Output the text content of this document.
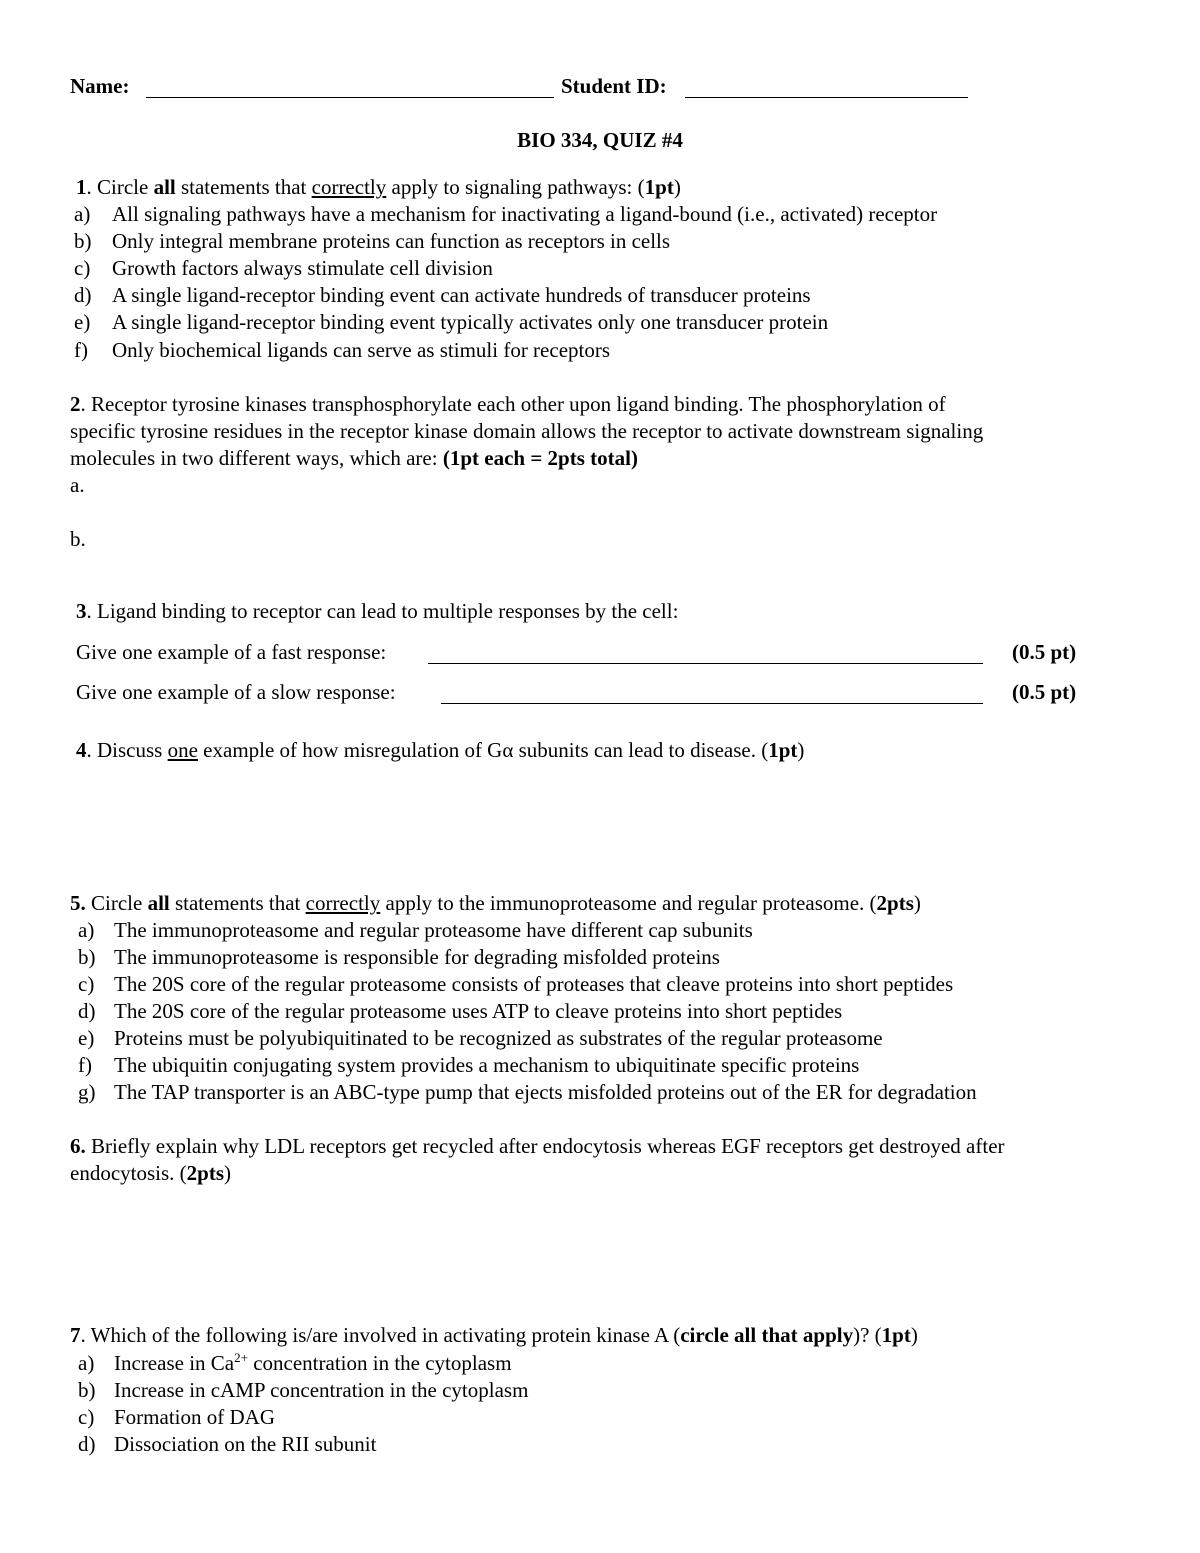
Name:	Student ID:
BIO 334, QUIZ #4
1. Circle all statements that correctly apply to signaling pathways: (1pt)
a) All signaling pathways have a mechanism for inactivating a ligand-bound (i.e., activated) receptor
b) Only integral membrane proteins can function as receptors in cells
c) Growth factors always stimulate cell division
d) A single ligand-receptor binding event can activate hundreds of transducer proteins
e) A single ligand-receptor binding event typically activates only one transducer protein
f) Only biochemical ligands can serve as stimuli for receptors
2. Receptor tyrosine kinases transphosphorylate each other upon ligand binding. The phosphorylation of
specific tyrosine residues in the receptor kinase domain allows the receptor to activate downstream signaling
molecules in two different ways, which are: (1pt each = 2pts total)
a.
b.
3. Ligand binding to receptor can lead to multiple responses by the cell:
Give one example of a fast response:	(0.5 pt)
Give one example of a slow response:	(0.5 pt)
4. Discuss one example of how misregulation of Gα subunits can lead to disease. (1pt)
5. Circle all statements that correctly apply to the immunoproteasome and regular proteasome. (2pts)
a) The immunoproteasome and regular proteasome have different cap subunits
b) The immunoproteasome is responsible for degrading misfolded proteins
c) The 20S core of the regular proteasome consists of proteases that cleave proteins into short peptides
d) The 20S core of the regular proteasome uses ATP to cleave proteins into short peptides
e) Proteins must be polyubiquitinated to be recognized as substrates of the regular proteasome
f) The ubiquitin conjugating system provides a mechanism to ubiquitinate specific proteins
g) The TAP transporter is an ABC-type pump that ejects misfolded proteins out of the ER for degradation
6. Briefly explain why LDL receptors get recycled after endocytosis whereas EGF receptors get destroyed after
endocytosis. (2pts)
7. Which of the following is/are involved in activating protein kinase A (circle all that apply)? (1pt)
a) Increase in $Ca^{2+}$ concentration in the cytoplasm
b) Increase in cAMP concentration in the cytoplasm
c) Formation of DAG
d) Dissociation on the RII subunit
